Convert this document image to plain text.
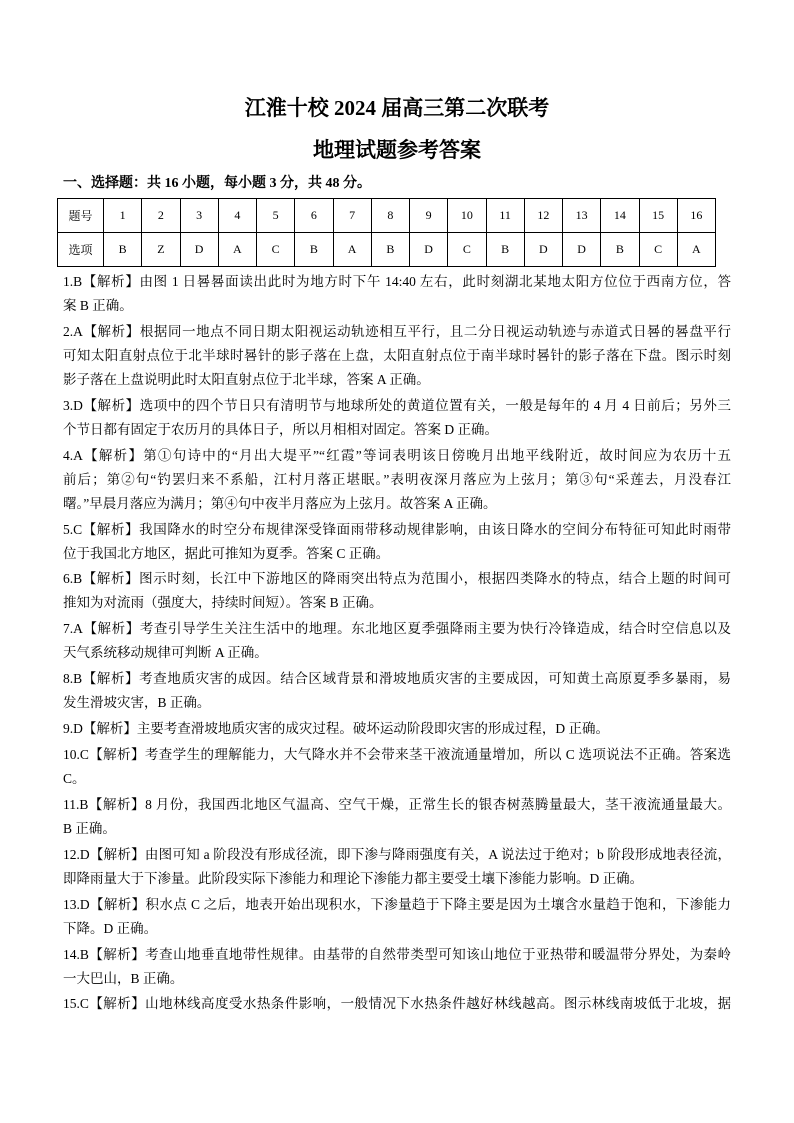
江淮十校 2024 届高三第二次联考
地理试题参考答案
一、选择题：共 16 小题，每小题 3 分，共 48 分。
题号	1	2	3	4	5	6	7	8	9	10	11	12	13	14	15	16
选项	B	Z	D	A	C	B	A	B	D	C	B	D	D	B	C	A
1.B【解析】由图 1 日晷晷面读出此时为地方时下午 14:40 左右，此时刻湖北某地太阳方位位于西南方位，答
案 B 正确。
2.A【解析】根据同一地点不同日期太阳视运动轨迹相互平行，且二分日视运动轨迹与赤道式日晷的晷盘平行
可知太阳直射点位于北半球时晷针的影子落在上盘，太阳直射点位于南半球时晷针的影子落在下盘。图示时刻
影子落在上盘说明此时太阳直射点位于北半球，答案 A 正确。
3.D【解析】选项中的四个节日只有清明节与地球所处的黄道位置有关，一般是每年的 4 月 4 日前后；另外三
个节日都有固定于农历月的具体日子，所以月相相对固定。答案 D 正确。
4.A【解析】第①句诗中的“月出大堤平”“红霞”等词表明该日傍晚月出地平线附近，故时间应为农历十五
前后；第②句“钓罢归来不系船，江村月落正堪眠。”表明夜深月落应为上弦月；第③句“采莲去，月没春江
曙。”早晨月落应为满月；第④句中夜半月落应为上弦月。故答案 A 正确。
5.C【解析】我国降水的时空分布规律深受锋面雨带移动规律影响，由该日降水的空间分布特征可知此时雨带
位于我国北方地区，据此可推知为夏季。答案 C 正确。
6.B【解析】图示时刻，长江中下游地区的降雨突出特点为范围小，根据四类降水的特点，结合上题的时间可
推知为对流雨（强度大，持续时间短）。答案 B 正确。
7.A【解析】考查引导学生关注生活中的地理。东北地区夏季强降雨主要为快行冷锋造成，结合时空信息以及
天气系统移动规律可判断 A 正确。
8.B【解析】考查地质灾害的成因。结合区域背景和滑坡地质灾害的主要成因，可知黄土高原夏季多暴雨，易
发生滑坡灾害，B 正确。
9.D【解析】主要考查滑坡地质灾害的成灾过程。破坏运动阶段即灾害的形成过程，D 正确。
10.C【解析】考查学生的理解能力，大气降水并不会带来茎干液流通量增加，所以 C 选项说法不正确。答案选
C。
11.B【解析】8 月份，我国西北地区气温高、空气干燥，正常生长的银杏树蒸腾量最大，茎干液流通量最大。
B 正确。
12.D【解析】由图可知 a 阶段没有形成径流，即下渗与降雨强度有关，A 说法过于绝对；b 阶段形成地表径流，
即降雨量大于下渗量。此阶段实际下渗能力和理论下渗能力都主要受土壤下渗能力影响。D 正确。
13.D【解析】积水点 C 之后，地表开始出现积水，下渗量趋于下降主要是因为土壤含水量趋于饱和，下渗能力
下降。D 正确。
14.B【解析】考查山地垂直地带性规律。由基带的自然带类型可知该山地位于亚热带和暖温带分界处，为秦岭
一大巴山，B 正确。
15.C【解析】山地林线高度受水热条件影响，一般情况下水热条件越好林线越高。图示林线南坡低于北坡，据
